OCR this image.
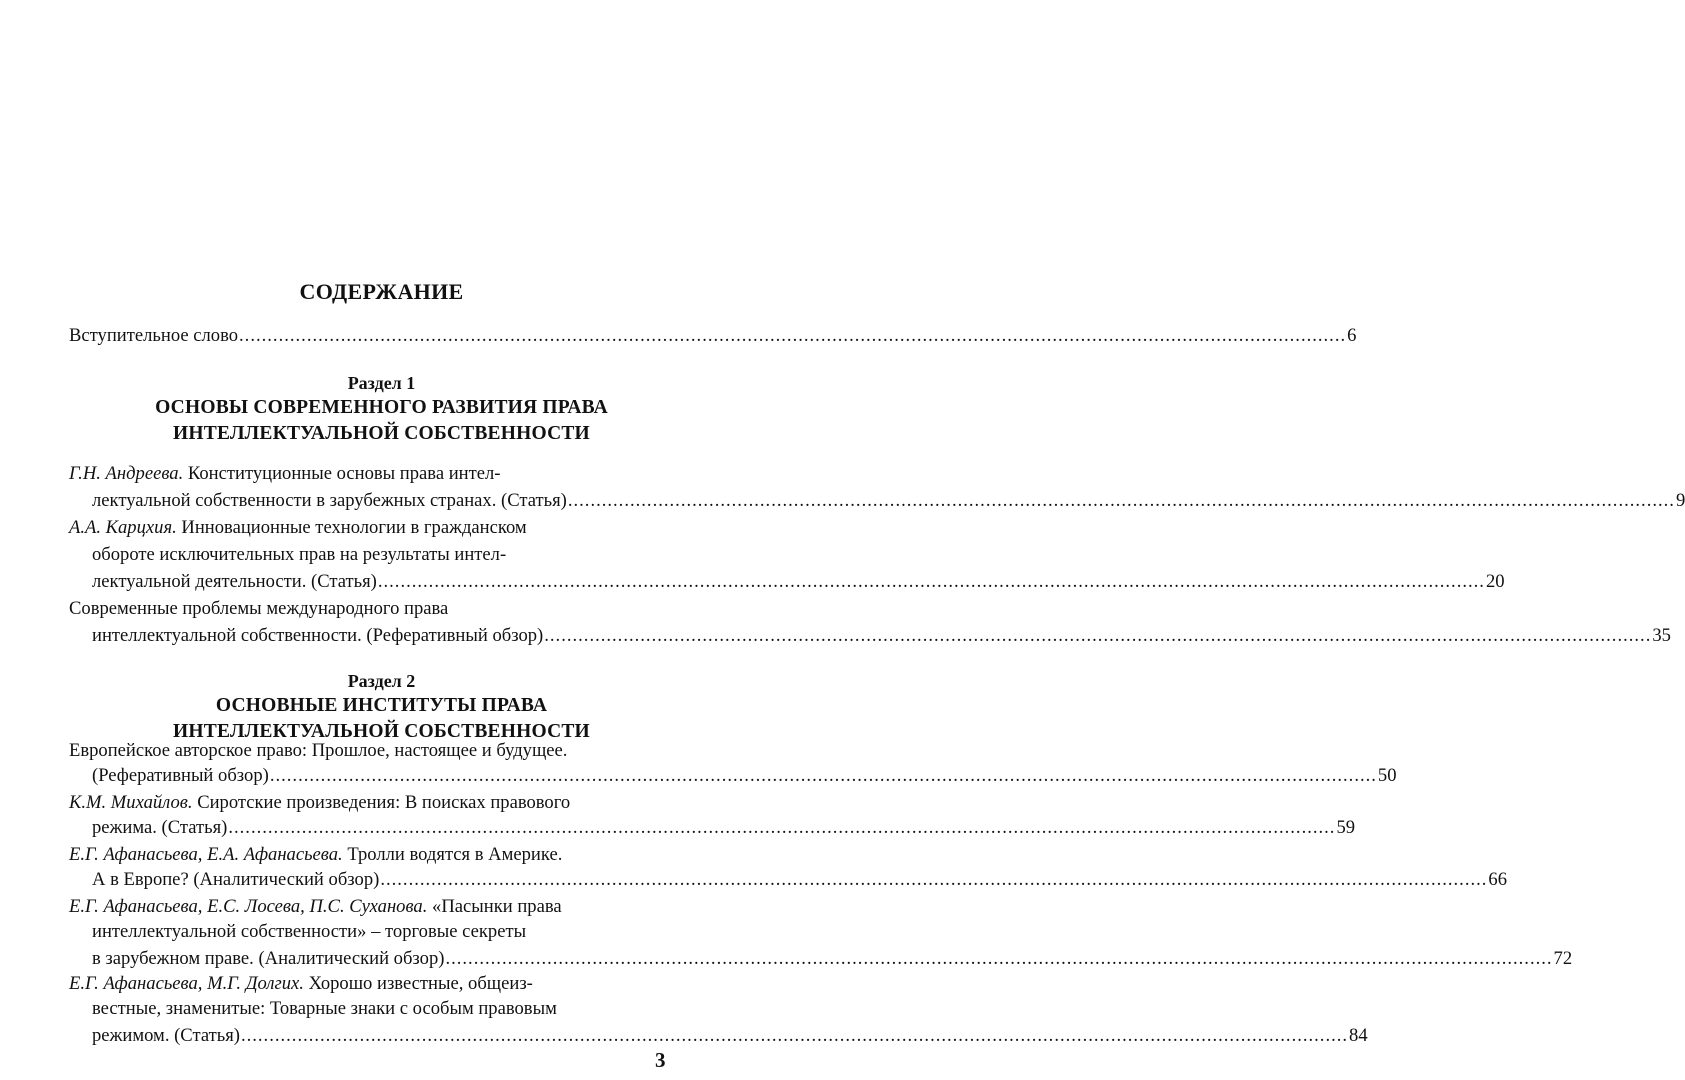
СОДЕРЖАНИЕ
Вступительное слово .................................................................................................................................................................................................... 6
Раздел 1
ОСНОВЫ СОВРЕМЕННОГО РАЗВИТИЯ ПРАВА
ИНТЕЛЛЕКТУАЛЬНОЙ СОБСТВЕННОСТИ
Г.Н. Андреева. Конституционные основы права интел-
лектуальной собственности в зарубежных странах. (Статья) .................................................................................................................................................................................................... 9
А.А. Карцхия. Инновационные технологии в гражданском
обороте исключительных прав на результаты интел-
лектуальной деятельности. (Статья) .................................................................................................................................................................................................... 20
Современные проблемы международного права
интеллектуальной собственности. (Реферативный обзор) .................................................................................................................................................................................................... 35
Раздел 2
ОСНОВНЫЕ ИНСТИТУТЫ ПРАВА
ИНТЕЛЛЕКТУАЛЬНОЙ СОБСТВЕННОСТИ
Европейское авторское право: Прошлое, настоящее и будущее.
(Реферативный обзор) .................................................................................................................................................................................................... 50
К.М. Михайлов. Сиротские произведения: В поисках правового
режима. (Статья) .................................................................................................................................................................................................... 59
Е.Г. Афанасьева, Е.А. Афанасьева. Тролли водятся в Америке.
А в Европе? (Аналитический обзор) .................................................................................................................................................................................................... 66
Е.Г. Афанасьева, Е.С. Лосева, П.С. Суханова. «Пасынки права
интеллектуальной собственности» – торговые секреты
в зарубежном праве. (Аналитический обзор) .................................................................................................................................................................................................... 72
3
Е.Г. Афанасьева, М.Г. Долгих. Хорошо известные, общеиз-
вестные, знаменитые: Товарные знаки с особым правовым
режимом. (Статья) .................................................................................................................................................................................................... 84
